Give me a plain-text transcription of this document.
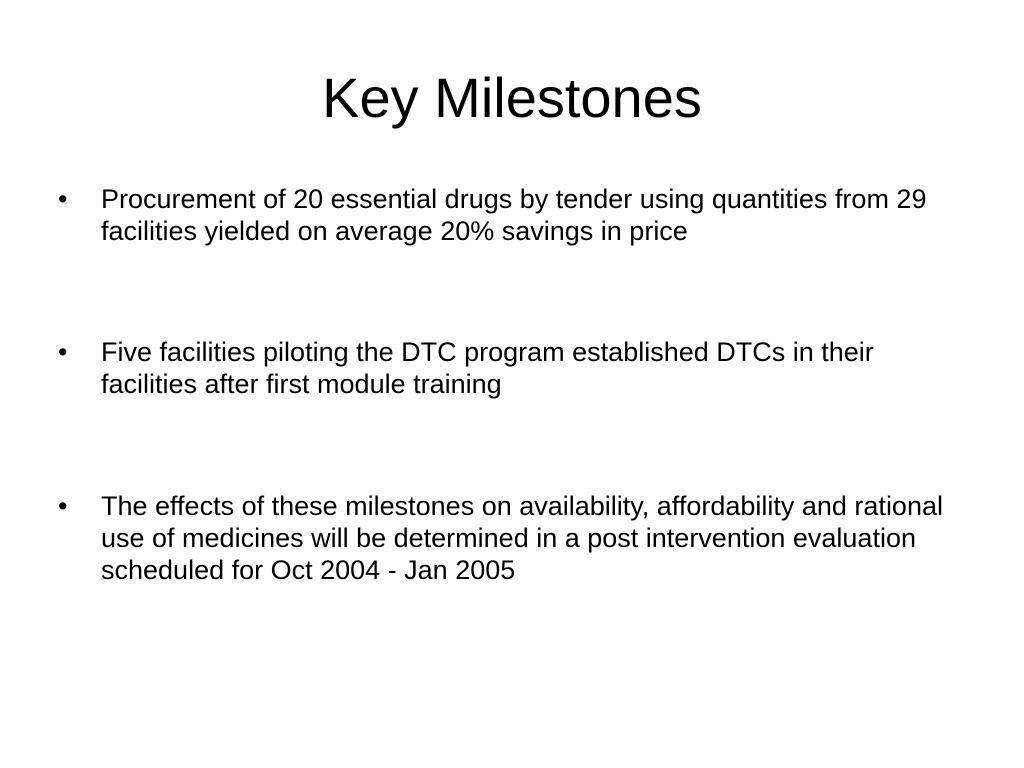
Key Milestones
•	Procurement of 20 essential drugs by tender using quantities from 29 facilities yielded on average 20% savings in price
•	Five facilities piloting the DTC program established DTCs in their facilities after first module training
•	The effects of these milestones on availability, affordability and rational use of medicines will be determined in a post intervention evaluation scheduled for Oct 2004 - Jan 2005
